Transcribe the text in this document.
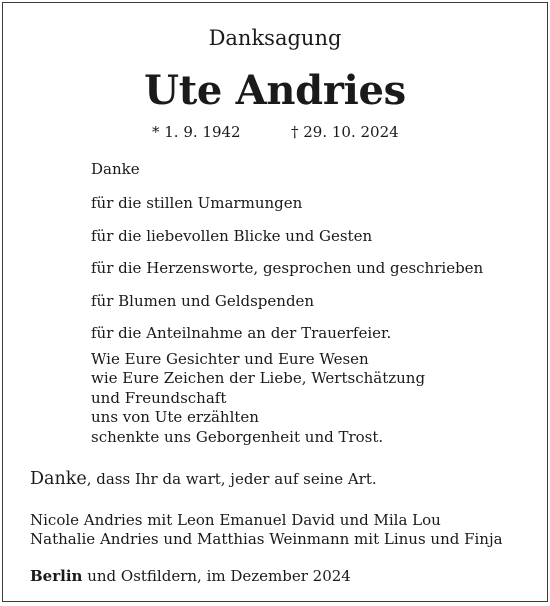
Danksagung
Ute Andries
* 1. 9. 1942	† 29. 10. 2024
Danke
für die stillen Umarmungen
für die liebevollen Blicke und Gesten
für die Herzensworte, gesprochen und geschrieben
für Blumen und Geldspenden
für die Anteilnahme an der Trauerfeier.
Wie Eure Gesichter und Eure Wesen
wie Eure Zeichen der Liebe, Wertschätzung
und Freundschaft
uns von Ute erzählten
schenkte uns Geborgenheit und Trost.
Danke, dass Ihr da wart, jeder auf seine Art.
Nicole Andries mit Leon Emanuel David und Mila Lou
Nathalie Andries und Matthias Weinmann mit Linus und Finja
Berlin und Ostfildern, im Dezember 2024
